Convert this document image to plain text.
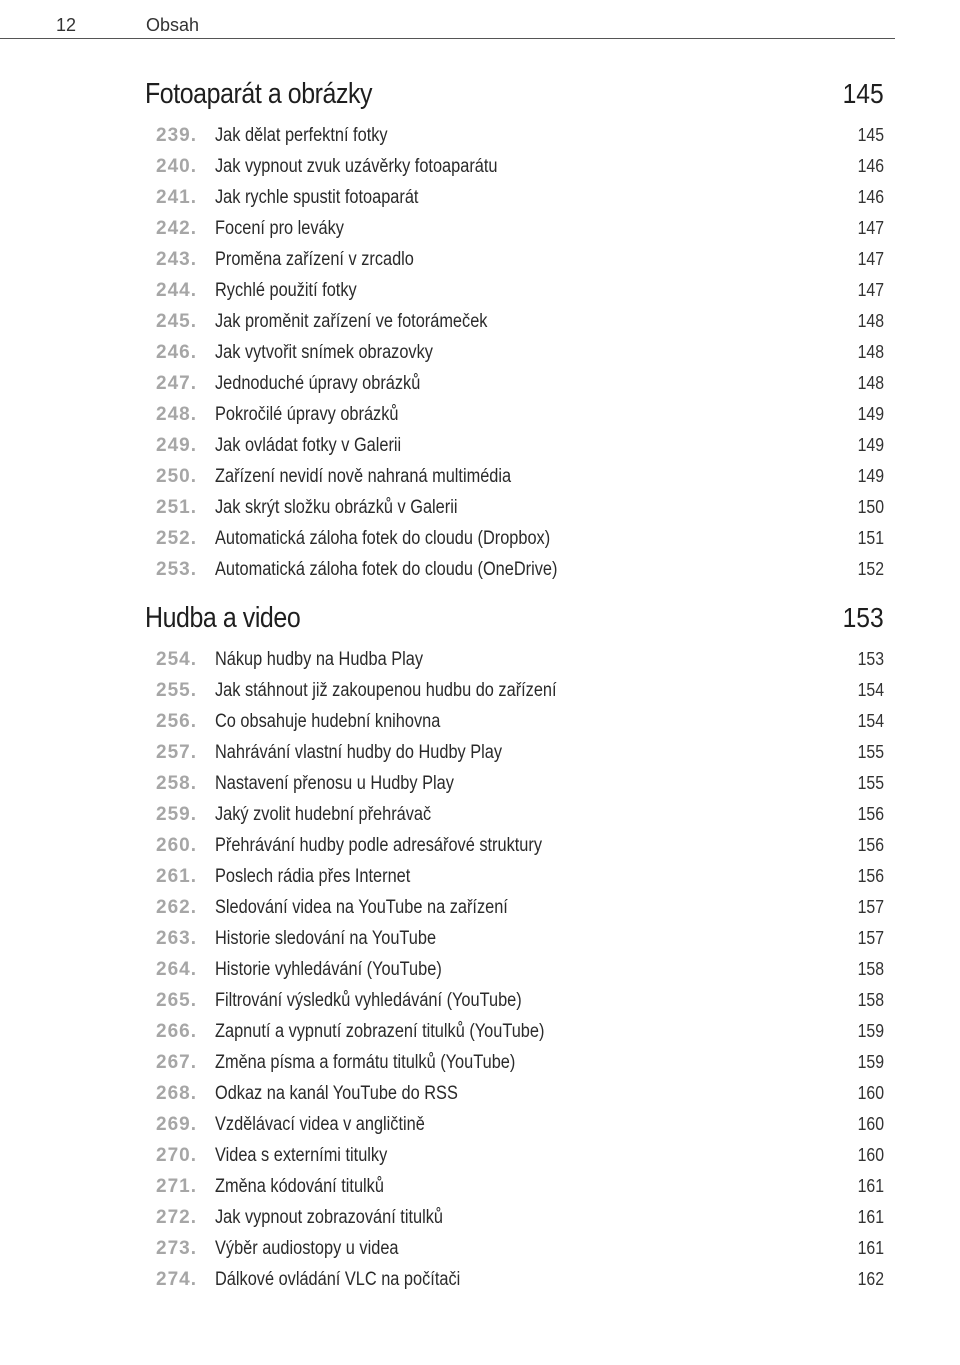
12	Obsah
Fotoaparát a obrázky	145
239. Jak dělat perfektní fotky	145
240. Jak vypnout zvuk uzávěrky fotoaparátu	146
241. Jak rychle spustit fotoaparát	146
242. Focení pro leváky	147
243. Proměna zařízení v zrcadlo	147
244. Rychlé použití fotky	147
245. Jak proměnit zařízení ve fotorámeček	148
246. Jak vytvořit snímek obrazovky	148
247. Jednoduché úpravy obrázků	148
248. Pokročilé úpravy obrázků	149
249. Jak ovládat fotky v Galerii	149
250. Zařízení nevidí nově nahraná multimédia	149
251. Jak skrýt složku obrázků v Galerii	150
252. Automatická záloha fotek do cloudu (Dropbox)	151
253. Automatická záloha fotek do cloudu (OneDrive)	152
Hudba a video	153
254. Nákup hudby na Hudba Play	153
255. Jak stáhnout již zakoupenou hudbu do zařízení	154
256. Co obsahuje hudební knihovna	154
257. Nahrávání vlastní hudby do Hudby Play	155
258. Nastavení přenosu u Hudby Play	155
259. Jaký zvolit hudební přehrávač	156
260. Přehrávání hudby podle adresářové struktury	156
261. Poslech rádia přes Internet	156
262. Sledování videa na YouTube na zařízení	157
263. Historie sledování na YouTube	157
264. Historie vyhledávání (YouTube)	158
265. Filtrování výsledků vyhledávání (YouTube)	158
266. Zapnutí a vypnutí zobrazení titulků (YouTube)	159
267. Změna písma a formátu titulků (YouTube)	159
268. Odkaz na kanál YouTube do RSS	160
269. Vzdělávací videa v angličtině	160
270. Videa s externími titulky	160
271. Změna kódování titulků	161
272. Jak vypnout zobrazování titulků	161
273. Výběr audiostopy u videa	161
274. Dálkové ovládání VLC na počítači	162
